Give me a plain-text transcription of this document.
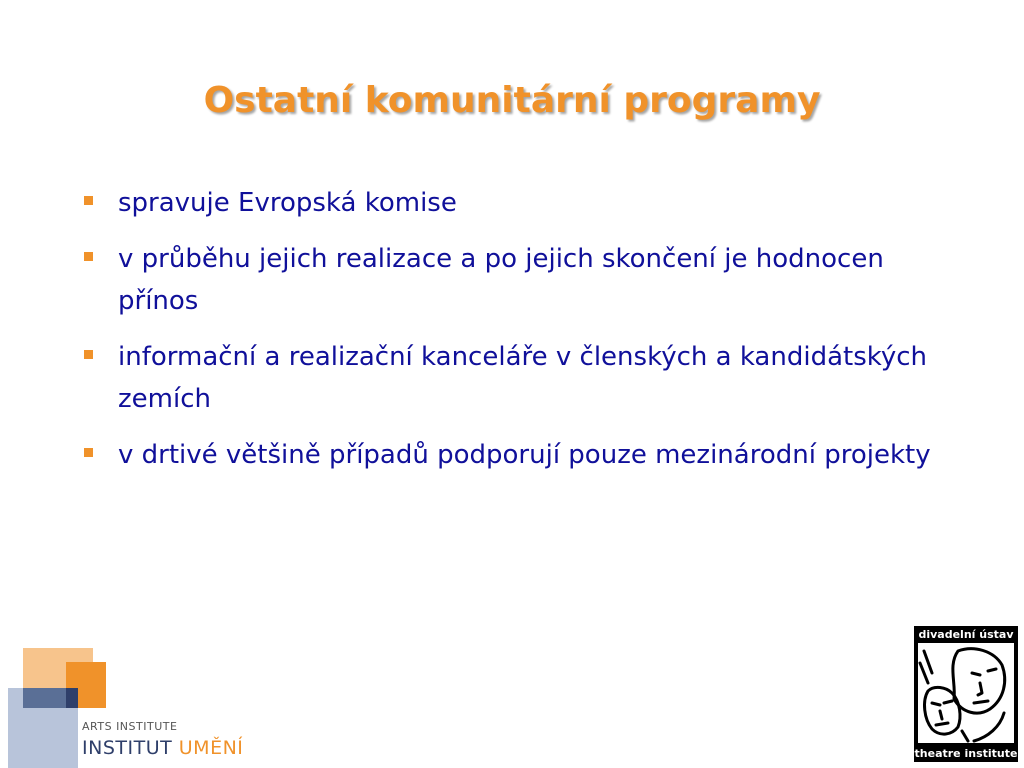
Ostatní komunitární programy
spravuje Evropská komise
v průběhu jejich realizace a po jejich skončení je hodnocen přínos
informační a realizační kanceláře v členských a kandidátských zemích
v drtivé většině případů podporují pouze mezinárodní projekty
ARTS INSTITUTE
INSTITUT UMĚNÍ
divadelní ústav
theatre institute
